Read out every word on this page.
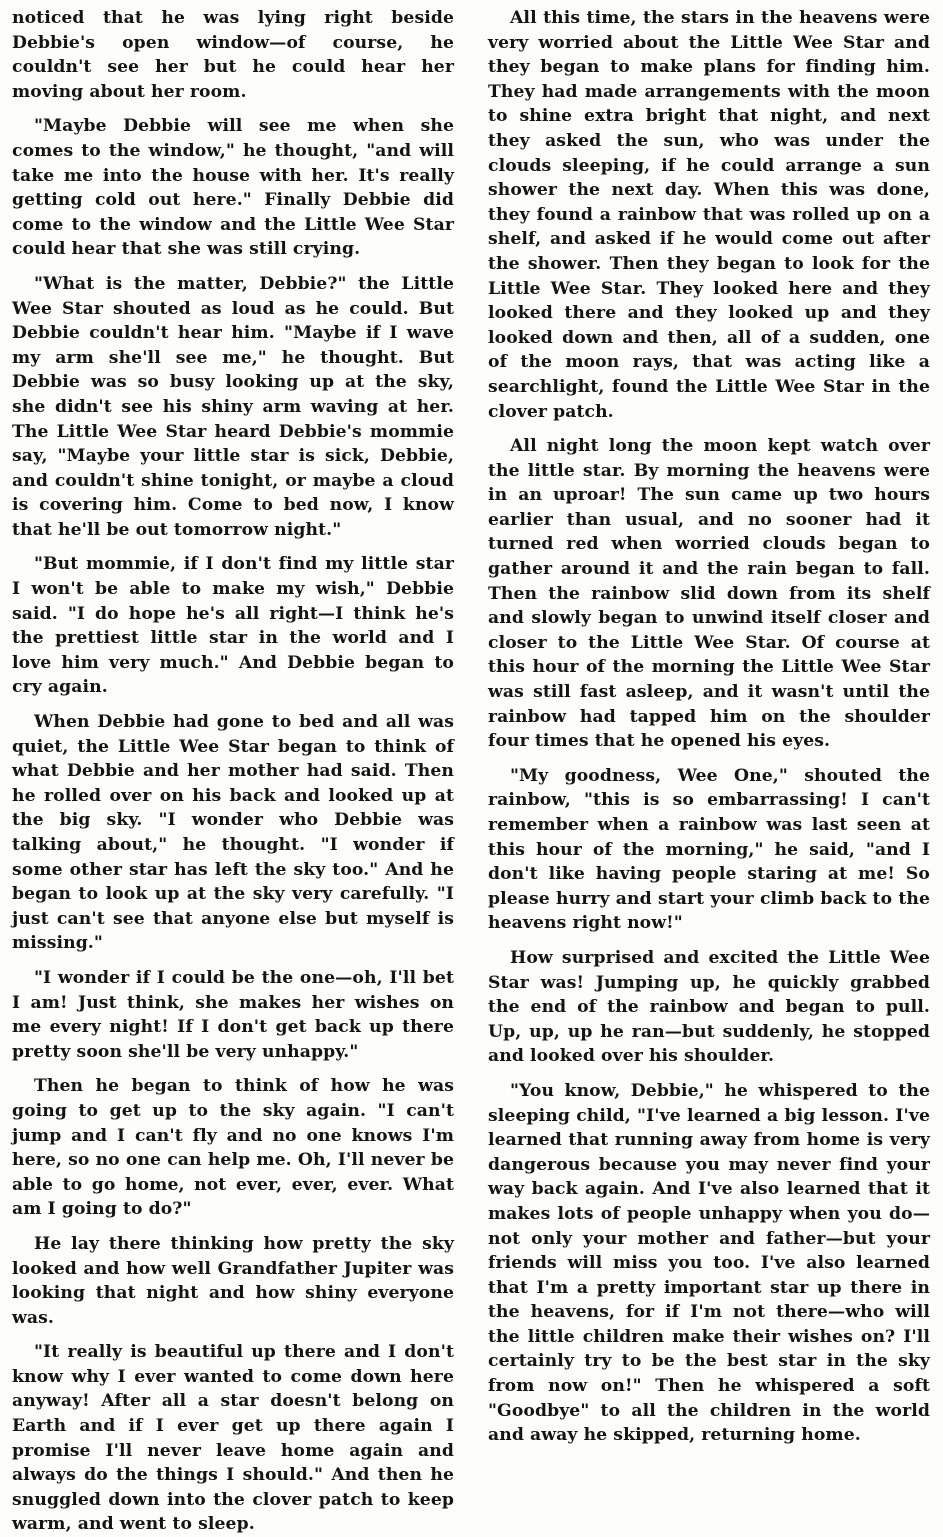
noticed that he was lying right beside Debbie's open window—of course, he couldn't see her but he could hear her moving about her room.

"Maybe Debbie will see me when she comes to the window," he thought, "and will take me into the house with her. It's really getting cold out here." Finally Debbie did come to the window and the Little Wee Star could hear that she was still crying.

"What is the matter, Debbie?" the Little Wee Star shouted as loud as he could. But Debbie couldn't hear him. "Maybe if I wave my arm she'll see me," he thought. But Debbie was so busy looking up at the sky, she didn't see his shiny arm waving at her. The Little Wee Star heard Debbie's mommie say, "Maybe your little star is sick, Debbie, and couldn't shine tonight, or maybe a cloud is covering him. Come to bed now, I know that he'll be out tomorrow night."

"But mommie, if I don't find my little star I won't be able to make my wish," Debbie said. "I do hope he's all right—I think he's the prettiest little star in the world and I love him very much." And Debbie began to cry again.

When Debbie had gone to bed and all was quiet, the Little Wee Star began to think of what Debbie and her mother had said. Then he rolled over on his back and looked up at the big sky. "I wonder who Debbie was talking about," he thought. "I wonder if some other star has left the sky too." And he began to look up at the sky very carefully. "I just can't see that anyone else but myself is missing."

"I wonder if I could be the one—oh, I'll bet I am! Just think, she makes her wishes on me every night! If I don't get back up there pretty soon she'll be very unhappy."

Then he began to think of how he was going to get up to the sky again. "I can't jump and I can't fly and no one knows I'm here, so no one can help me. Oh, I'll never be able to go home, not ever, ever, ever. What am I going to do?"

He lay there thinking how pretty the sky looked and how well Grandfather Jupiter was looking that night and how shiny everyone was.

"It really is beautiful up there and I don't know why I ever wanted to come down here anyway! After all a star doesn't belong on Earth and if I ever get up there again I promise I'll never leave home again and always do the things I should." And then he snuggled down into the clover patch to keep warm, and went to sleep.

All this time, the stars in the heavens were very worried about the Little Wee Star and they began to make plans for finding him. They had made arrangements with the moon to shine extra bright that night, and next they asked the sun, who was under the clouds sleeping, if he could arrange a sun shower the next day. When this was done, they found a rainbow that was rolled up on a shelf, and asked if he would come out after the shower. Then they began to look for the Little Wee Star. They looked here and they looked there and they looked up and they looked down and then, all of a sudden, one of the moon rays, that was acting like a searchlight, found the Little Wee Star in the clover patch.

All night long the moon kept watch over the little star. By morning the heavens were in an uproar! The sun came up two hours earlier than usual, and no sooner had it turned red when worried clouds began to gather around it and the rain began to fall. Then the rainbow slid down from its shelf and slowly began to unwind itself closer and closer to the Little Wee Star. Of course at this hour of the morning the Little Wee Star was still fast asleep, and it wasn't until the rainbow had tapped him on the shoulder four times that he opened his eyes.

"My goodness, Wee One," shouted the rainbow, "this is so embarrassing! I can't remember when a rainbow was last seen at this hour of the morning," he said, "and I don't like having people staring at me! So please hurry and start your climb back to the heavens right now!"

How surprised and excited the Little Wee Star was! Jumping up, he quickly grabbed the end of the rainbow and began to pull. Up, up, up he ran—but suddenly, he stopped and looked over his shoulder.

"You know, Debbie," he whispered to the sleeping child, "I've learned a big lesson. I've learned that running away from home is very dangerous because you may never find your way back again. And I've also learned that it makes lots of people unhappy when you do—not only your mother and father—but your friends will miss you too. I've also learned that I'm a pretty important star up there in the heavens, for if I'm not there—who will the little children make their wishes on? I'll certainly try to be the best star in the sky from now on!" Then he whispered a soft "Goodbye" to all the children in the world and away he skipped, returning home.
